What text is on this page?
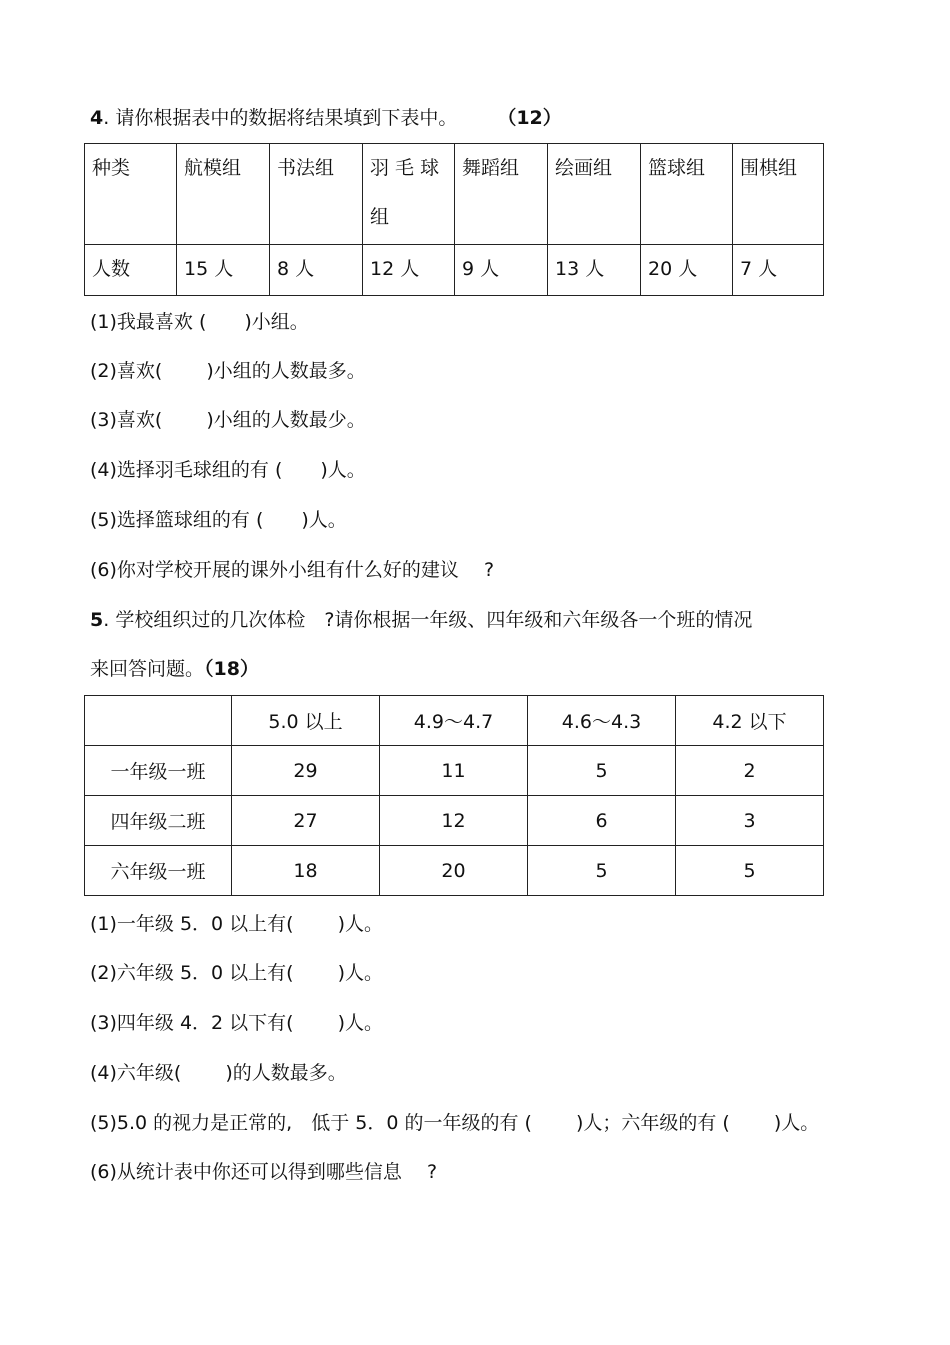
4. 请你根据表中的数据将结果填到下表中。 （12）
种类	航模组	书法组	羽 毛 球 组	舞蹈组	绘画组	篮球组	围棋组

人数	15 人	8 人	12 人	9 人	13 人	20 人	7 人
(1)我最喜欢 (　　)小组。
(2)喜欢(　　 )小组的人数最多。
(3)喜欢(　　 )小组的人数最少。
(4)选择羽毛球组的有 (　　)人。
(5)选择篮球组的有 (　　)人。
(6)你对学校开展的课外小组有什么好的建议　 ?
5. 学校组织过的几次体检　?请你根据一年级、四年级和六年级各一个班的情况
来回答问题。（18）
	5.0 以上	4.9～4.7	4.6～4.3	4.2 以下
一年级一班	29	11	5	2
四年级二班	27	12	6	3
六年级一班	18	20	5	5
(1)一年级 5．0 以上有(　　 )人。
(2)六年级 5．0 以上有(　　 )人。
(3)四年级 4．2 以下有(　　 )人。
(4)六年级(　　 )的人数最多。
(5)5.0 的视力是正常的,　低于 5．0 的一年级的有 (　　 )人；六年级的有 (　　 )人。
(6)从统计表中你还可以得到哪些信息　 ?
